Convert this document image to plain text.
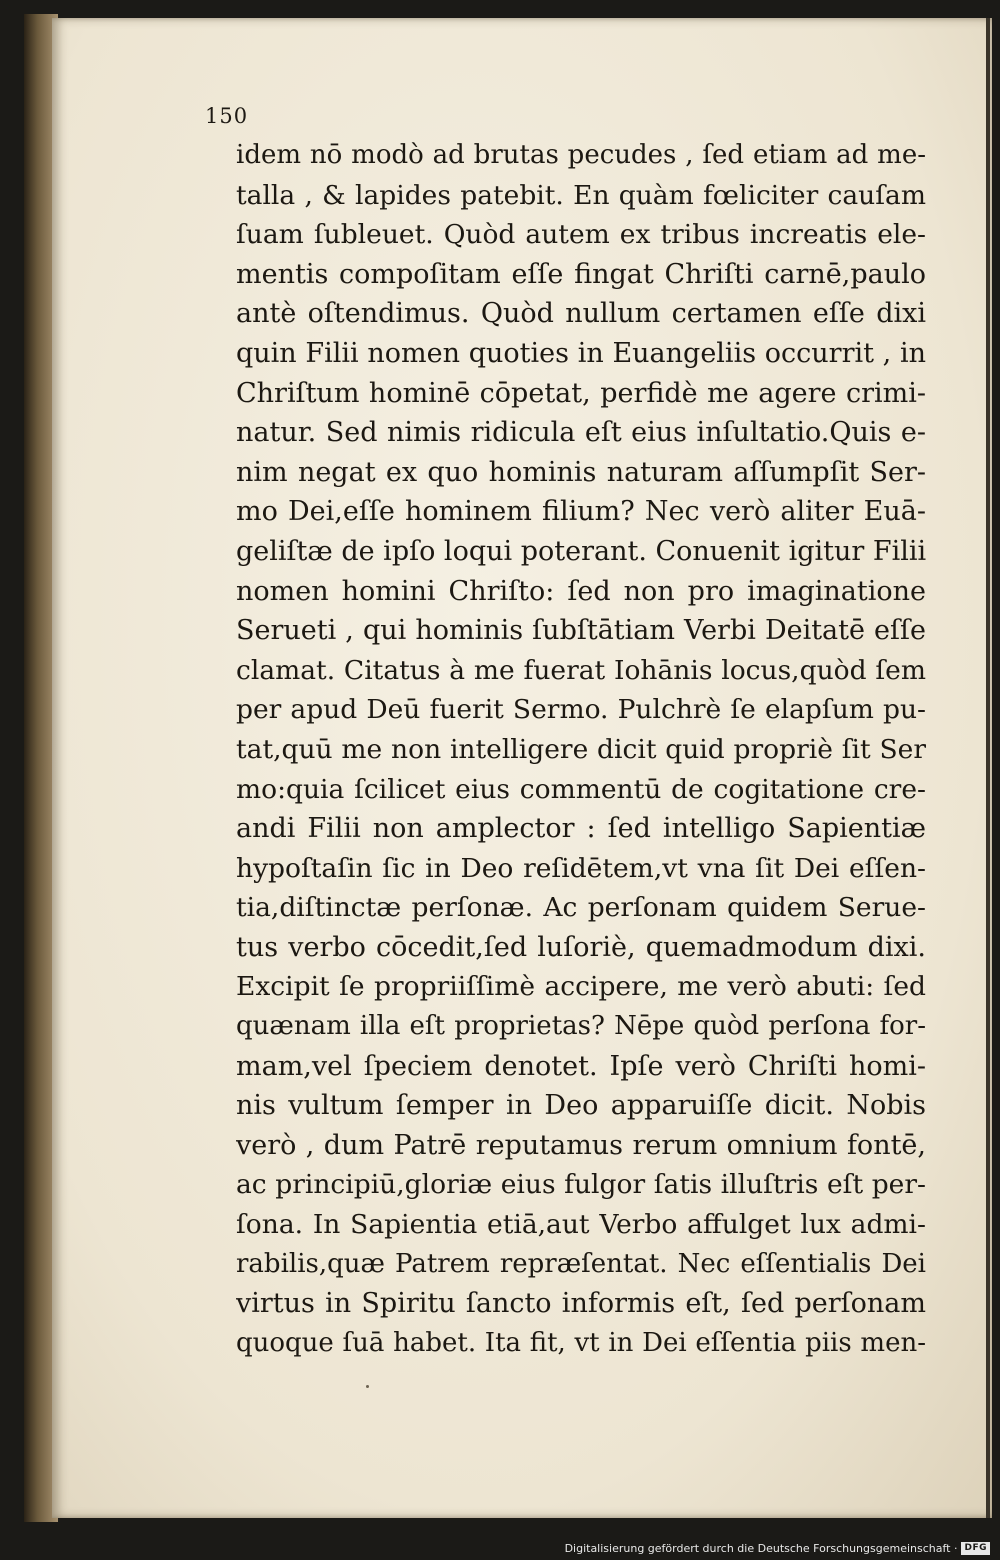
150
idem nō modò ad brutas pecudes , ſed etiam ad me-
talla , & lapides patebit. En quàm fœliciter cauſam
ſuam ſubleuet. Quòd autem ex tribus increatis ele-
mentis compoſitam eſſe fingat Chriſti carnē,paulo
antè oſtendimus. Quòd nullum certamen eſſe dixi
quin Filii nomen quoties in Euangeliis occurrit , in
Chriſtum hominē cōpetat, perfidè me agere crimi-
natur. Sed nimis ridicula eſt eius inſultatio.Quis e-
nim negat ex quo hominis naturam aſſumpſit Ser-
mo Dei,eſſe hominem filium? Nec verò aliter Euā-
geliſtæ de ipſo loqui poterant. Conuenit igitur Filii
nomen homini Chriſto: ſed non pro imaginatione
Serueti , qui hominis ſubſtātiam Verbi Deitatē eſſe
clamat. Citatus à me fuerat Iohānis locus,quòd ſem
per apud Deū fuerit Sermo. Pulchrè ſe elapſum pu-
tat,quū me non intelligere dicit quid propriè ſit Ser
mo:quia ſcilicet eius commentū de cogitatione cre-
andi Filii non amplector : ſed intelligo Sapientiæ
hypoſtaſin ſic in Deo reſidētem,vt vna ſit Dei eſſen-
tia,diſtinctæ perſonæ. Ac perſonam quidem Serue-
tus verbo cōcedit,ſed luſoriè, quemadmodum dixi.
Excipit ſe propriiſſimè accipere, me verò abuti: ſed
quænam illa eſt proprietas? Nēpe quòd perſona for-
mam,vel ſpeciem denotet. Ipſe verò Chriſti homi-
nis vultum ſemper in Deo apparuiſſe dicit. Nobis
verò , dum Patrē reputamus rerum omnium fontē,
ac principiū,gloriæ eius fulgor ſatis illuſtris eſt per-
ſona. In Sapientia etiā,aut Verbo affulget lux admi-
rabilis,quæ Patrem repræſentat. Nec eſſentialis Dei
virtus in Spiritu ſancto informis eſt, ſed perſonam
quoque ſuā habet. Ita fit, vt in Dei eſſentia piis men-
Digitalisierung gefördert durch die Deutsche Forschungsgemeinschaft · DFG
